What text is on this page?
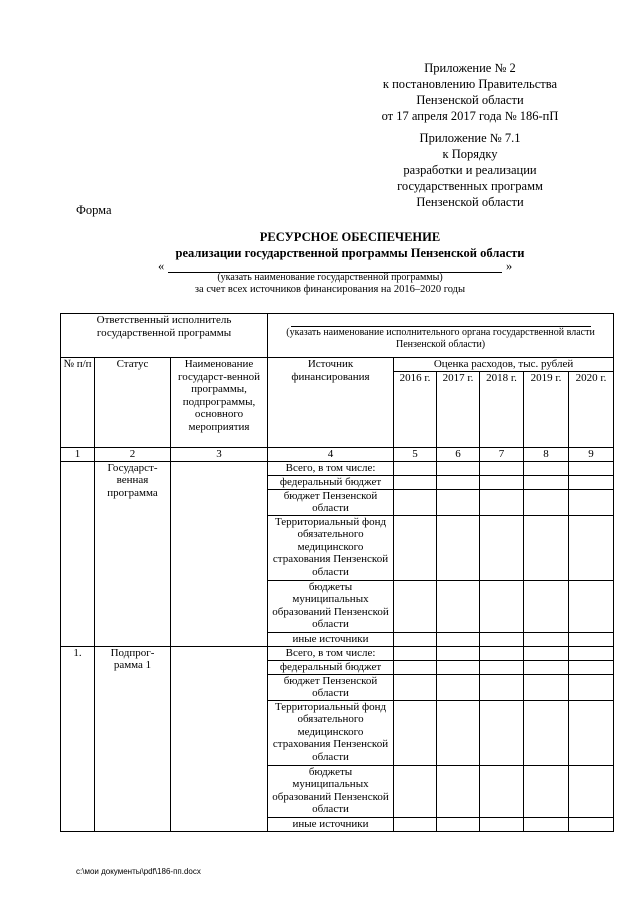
Приложение № 2
к постановлению Правительства
Пензенской области
от 17 апреля 2017 года № 186-пП
Приложение № 7.1
к Порядку
разработки и реализации
государственных программ
Пензенской области
Форма
РЕСУРСНОЕ ОБЕСПЕЧЕНИЕ
реализации государственной программы Пензенской области
«	»
(указать наименование государственной программы)
за счет всех источников финансирования на 2016–2020 годы
Ответственный исполнитель государственной программы			(указать наименование исполнительного органа государственной власти Пензенской области)					

№ п/п	Статус	Наименование государст-венной программы, подпрограммы, основного мероприятия	Источник финансирования	Оценка расходов, тыс. рублей				
				2016 г.	2017 г.	2018 г.	2019 г.	2020 г.
1	2	3	4	5	6	7	8	9
	Государст-венная программа		Всего, в том числе:					
			федеральный бюджет					
			бюджет Пензенской области					
			Территориальный фонд обязательного медицинского страхования Пензенской области					
			бюджеты муниципальных образований Пензенской области					
			иные источники					
1.	Подпрог-рамма 1		Всего, в том числе:					
			федеральный бюджет					
			бюджет Пензенской области					
			Территориальный фонд обязательного медицинского страхования Пензенской области					
			бюджеты муниципальных образований Пензенской области					
			иные источники					
c:\мои документы\pdf\186-пп.docx
